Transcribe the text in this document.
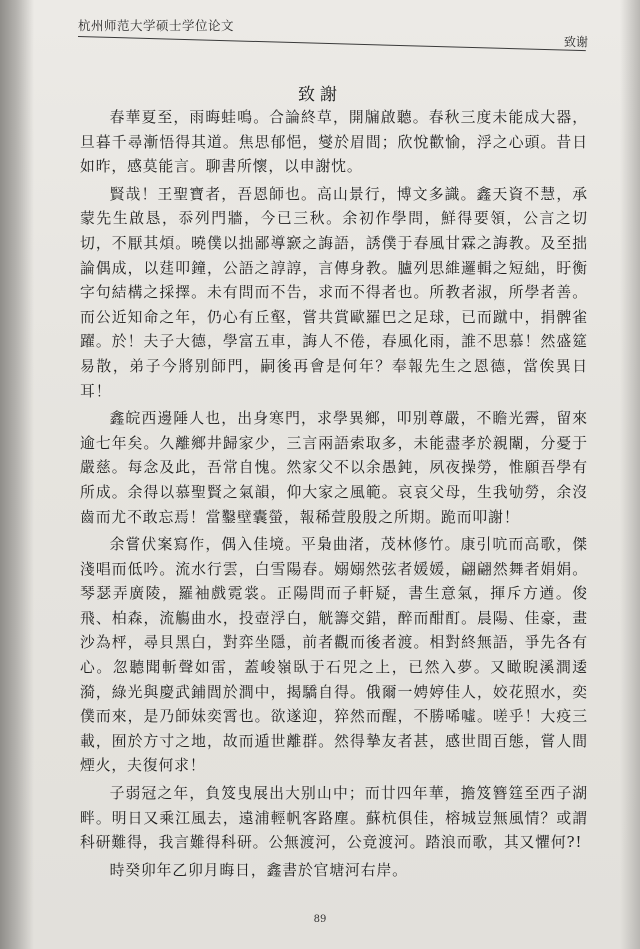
杭州师范大学硕士学位论文
致谢
致謝

春華夏至，雨晦蛙鳴。合論終草，開牖啟聽。春秋三度未能成大器，旦暮千尋漸悟得其道。焦思郁悒，燮於眉間；欣悅歡愉，浮之心頭。昔日如昨，感莫能言。聊書所懷，以申謝忱。

賢哉！王聖寶者，吾恩師也。高山景行，博文多識。鑫天資不慧，承蒙先生啟恳，忝列門牆，今已三秋。余初作學問，鮮得要領，公言之切切，不厭其煩。曉僕以拙鄙導窾之誨語，誘僕于春風甘霖之誨教。及至拙論偶成，以莛叩鐘，公語之諄諄，言傳身教。臚列思維邏輯之短絀，盱衡字句結構之採擇。未有問而不告，求而不得者也。所教者淑，所學者善。而公近知命之年，仍心有丘壑，嘗共賞歐羅巴之足球，已而蹴中，捐髀雀躍。於！夫子大德，學富五車，誨人不倦，春風化雨，誰不思慕！然盛筵易散，弟子今將别師門，嗣後再會是何年？奉報先生之恩德，當俟異日耳！

鑫皖西邊陲人也，出身寒門，求學異鄉，叩别尊嚴，不瞻光霽，留來逾七年矣。久離鄉井歸家少，三言兩語索取多，未能盡孝於親闈，分憂于嚴慈。每念及此，吾常自愧。然家父不以余愚鈍，夙夜操勞，惟願吾學有所成。余得以慕聖賢之氣韻，仰大家之風範。哀哀父母，生我劬勞，余沒齒而尤不敢忘焉！當鑿壁囊螢，報稀萱殷殷之所期。跪而叩謝！

余嘗伏案寫作，偶入佳境。平梟曲渚，茂林修竹。康引吭而高歌，傑淺唱而低吟。流水行雲，白雪陽春。嫋嫋然弦者媛媛，翩翩然舞者娟娟。琴瑟弄廣陵，羅袖戲霓裳。正陽問而子軒疑，書生意氣，揮斥方遒。俊飛、柏森，流觴曲水，投壺浮白，觥籌交錯，醉而酣酊。晨陽、佳豪，畫沙為枰，尋貝黑白，對弈坐隱，前者觀而後者渡。相對終無語，爭先各有心。忽聽聞斬聲如雷，蓋峻嶺臥于石兕之上，已然入夢。又瞰睨溪澗逶漪，綠光與慶武鋪閭於澗中，揭驕自得。俄爾一娉婷佳人，姣花照水，奕僕而來，是乃師妹奕霄也。欲遂迎，猝然而醒，不勝唏噓。嗟乎！大疫三載，囿於方寸之地，故而遁世離群。然得摯友者甚，感世間百態，嘗人間煙火，夫復何求！

子弱冠之年，負笈曳展出大别山中；而廿四年華，擔笈簪筳至西子湖畔。明日又乘江風去，遠浦輕帆客路塵。蘇杭俱佳，榕城豈無風情？或謂科研難得，我言難得科研。公無渡河，公竟渡河。踏浪而歌，其又懼何?!

時癸卯年乙卯月晦日，鑫書於官塘河右岸。

89
